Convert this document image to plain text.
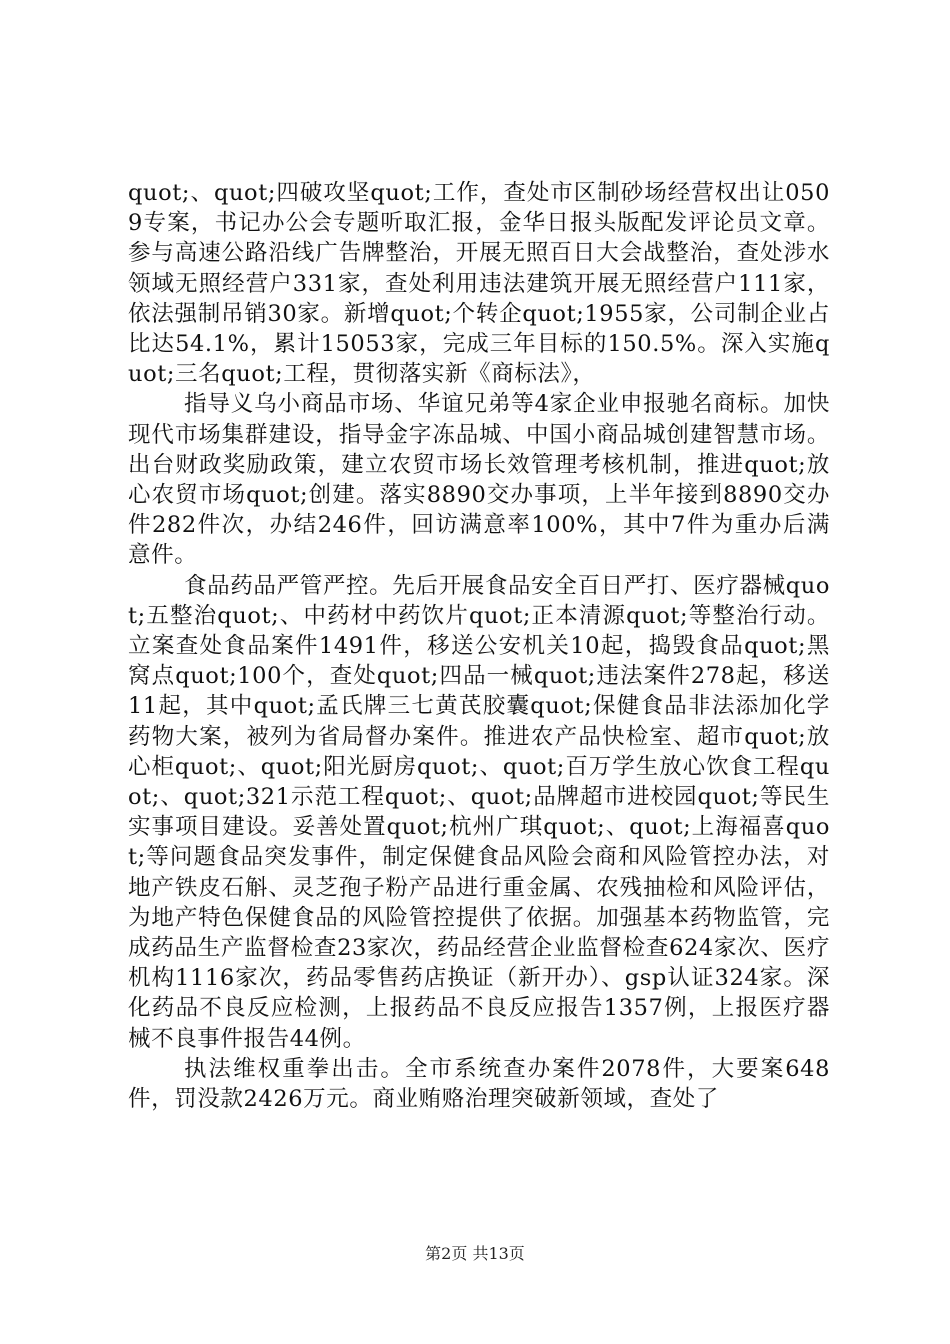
quot;、quot;四破攻坚quot;工作，查处市区制砂场经营权出让0509专案，书记办公会专题听取汇报，金华日报头版配发评论员文章。参与高速公路沿线广告牌整治，开展无照百日大会战整治，查处涉水领域无照经营户331家，查处利用违法建筑开展无照经营户111家，依法强制吊销30家。新增quot;个转企quot;1955家，公司制企业占比达54.1%，累计15053家，完成三年目标的150.5%。深入实施quot;三名quot;工程，贯彻落实新《商标法》，

指导义乌小商品市场、华谊兄弟等4家企业申报驰名商标。加快现代市场集群建设，指导金字冻品城、中国小商品城创建智慧市场。出台财政奖励政策，建立农贸市场长效管理考核机制，推进quot;放心农贸市场quot;创建。落实8890交办事项，上半年接到8890交办件282件次，办结246件，回访满意率100%，其中7件为重办后满意件。

食品药品严管严控。先后开展食品安全百日严打、医疗器械quot;五整治quot;、中药材中药饮片quot;正本清源quot;等整治行动。立案查处食品案件1491件，移送公安机关10起，捣毁食品quot;黑窝点quot;100个，查处quot;四品一械quot;违法案件278起，移送11起，其中quot;孟氏牌三七黄芪胶囊quot;保健食品非法添加化学药物大案，被列为省局督办案件。推进农产品快检室、超市quot;放心柜quot;、quot;阳光厨房quot;、quot;百万学生放心饮食工程quot;、quot;321示范工程quot;、quot;品牌超市进校园quot;等民生实事项目建设。妥善处置quot;杭州广琪quot;、quot;上海福喜quot;等问题食品突发事件，制定保健食品风险会商和风险管控办法，对地产铁皮石斛、灵芝孢子粉产品进行重金属、农残抽检和风险评估，为地产特色保健食品的风险管控提供了依据。加强基本药物监管，完成药品生产监督检查23家次，药品经营企业监督检查624家次、医疗机构1116家次，药品零售药店换证（新开办）、gsp认证324家。深化药品不良反应检测，上报药品不良反应报告1357例，上报医疗器械不良事件报告44例。

执法维权重拳出击。全市系统查办案件2078件，大要案648件，罚没款2426万元。商业贿赂治理突破新领域，查处了

第2页 共13页
